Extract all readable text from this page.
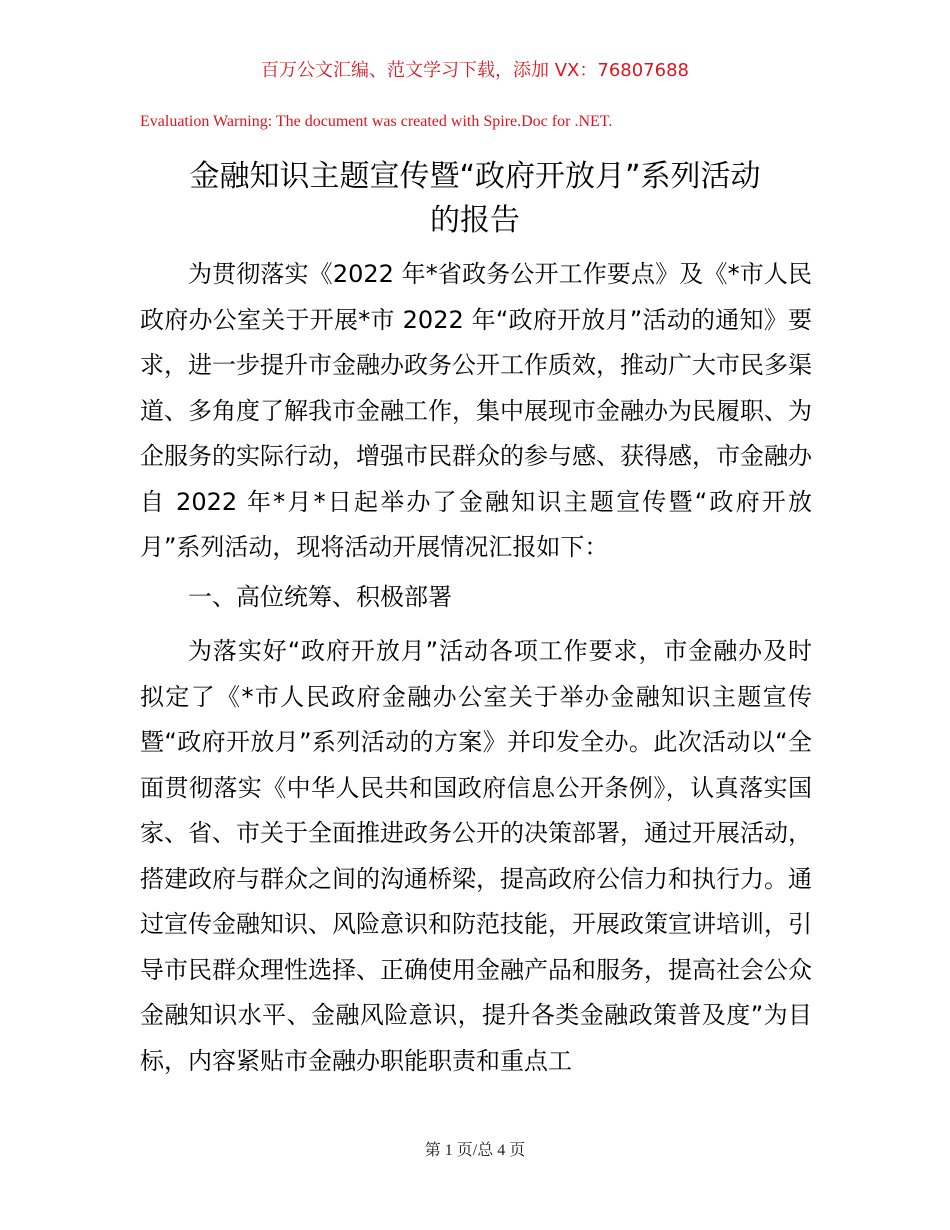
百万公文汇编、范文学习下载，添加 VX：76807688
Evaluation Warning: The document was created with Spire.Doc for .NET.
金融知识主题宣传暨“政府开放月”系列活动
的报告

为贯彻落实《2022 年*省政务公开工作要点》及《*市人民政府办公室关于开展*市 2022 年“政府开放月”活动的通知》要求，进一步提升市金融办政务公开工作质效，推动广大市民多渠道、多角度了解我市金融工作，集中展现市金融办为民履职、为企服务的实际行动，增强市民群众的参与感、获得感，市金融办自 2022 年*月*日起举办了金融知识主题宣传暨“政府开放月”系列活动，现将活动开展情况汇报如下：

一、高位统筹、积极部署

为落实好“政府开放月”活动各项工作要求，市金融办及时拟定了《*市人民政府金融办公室关于举办金融知识主题宣传暨“政府开放月”系列活动的方案》并印发全办。此次活动以“全面贯彻落实《中华人民共和国政府信息公开条例》，认真落实国家、省、市关于全面推进政务公开的决策部署，通过开展活动，搭建政府与群众之间的沟通桥梁，提高政府公信力和执行力。通过宣传金融知识、风险意识和防范技能，开展政策宣讲培训，引导市民群众理性选择、正确使用金融产品和服务，提高社会公众金融知识水平、金融风险意识，提升各类金融政策普及度”为目标，内容紧贴市金融办职能职责和重点工

第 1 页/总 4 页
